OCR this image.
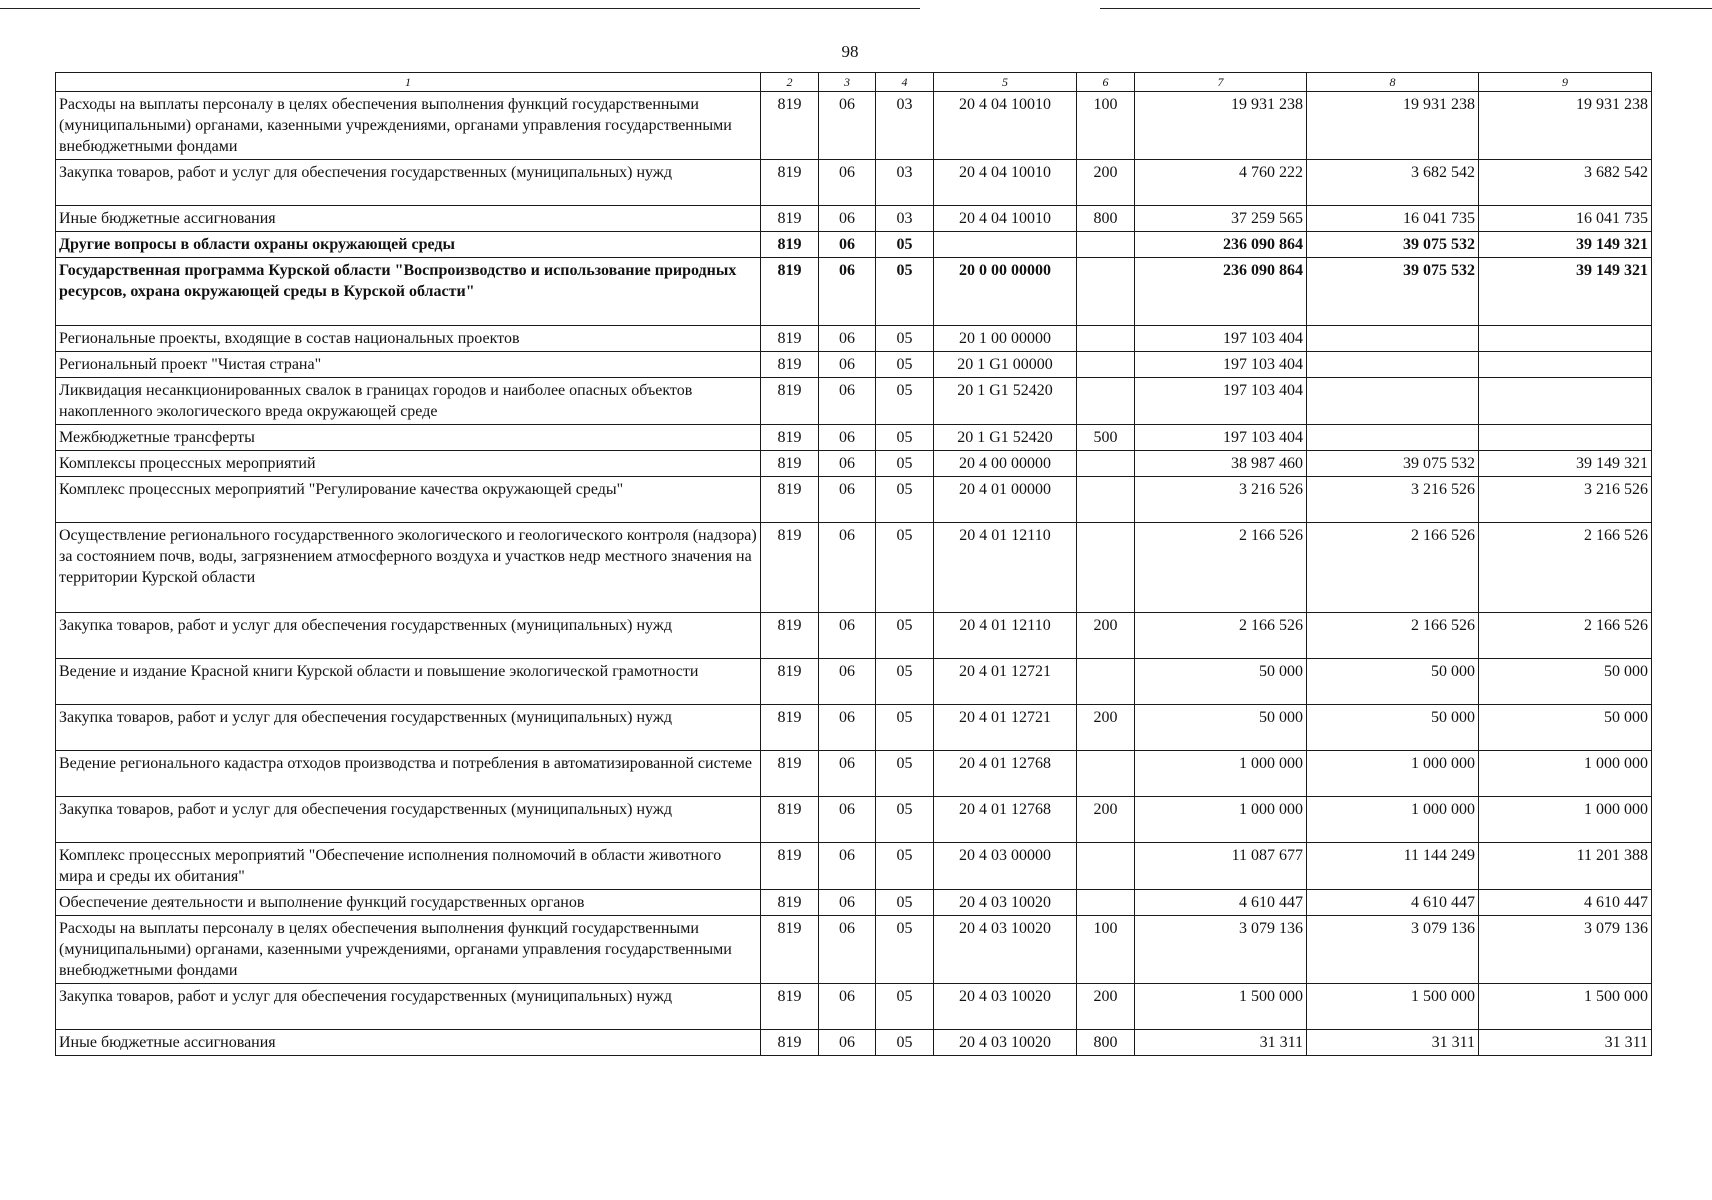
98
1	2	3	4	5	6	7	8	9
Расходы на выплаты персоналу в целях обеспечения выполнения функций государственными (муниципальными) органами, казенными учреждениями, органами управления государственными внебюджетными фондами	819	06	03	20 4 04 10010	100	19 931 238	19 931 238	19 931 238
Закупка товаров, работ и услуг для обеспечения государственных (муниципальных) нужд	819	06	03	20 4 04 10010	200	4 760 222	3 682 542	3 682 542
Иные бюджетные ассигнования	819	06	03	20 4 04 10010	800	37 259 565	16 041 735	16 041 735
Другие вопросы в области охраны окружающей среды	819	06	05			236 090 864	39 075 532	39 149 321
Государственная программа Курской области "Воспроизводство и использование природных ресурсов, охрана окружающей среды в Курской области"	819	06	05	20 0 00 00000		236 090 864	39 075 532	39 149 321
Региональные проекты, входящие в состав национальных проектов	819	06	05	20 1 00 00000		197 103 404		
Региональный проект "Чистая страна"	819	06	05	20 1 G1 00000		197 103 404		
Ликвидация несанкционированных свалок в границах городов и наиболее опасных объектов накопленного экологического вреда окружающей среде	819	06	05	20 1 G1 52420		197 103 404		
Межбюджетные трансферты	819	06	05	20 1 G1 52420	500	197 103 404		
Комплексы процессных мероприятий	819	06	05	20 4 00 00000		38 987 460	39 075 532	39 149 321
Комплекс процессных мероприятий "Регулирование качества окружающей среды"	819	06	05	20 4 01 00000		3 216 526	3 216 526	3 216 526
Осуществление регионального государственного экологического и геологического контроля (надзора) за состоянием почв, воды, загрязнением атмосферного воздуха и участков недр местного значения на территории Курской области	819	06	05	20 4 01 12110		2 166 526	2 166 526	2 166 526
Закупка товаров, работ и услуг для обеспечения государственных (муниципальных) нужд	819	06	05	20 4 01 12110	200	2 166 526	2 166 526	2 166 526
Ведение и издание Красной книги Курской области и повышение экологической грамотности	819	06	05	20 4 01 12721		50 000	50 000	50 000
Закупка товаров, работ и услуг для обеспечения государственных (муниципальных) нужд	819	06	05	20 4 01 12721	200	50 000	50 000	50 000
Ведение регионального кадастра отходов производства и потребления в автоматизированной системе	819	06	05	20 4 01 12768		1 000 000	1 000 000	1 000 000
Закупка товаров, работ и услуг для обеспечения государственных (муниципальных) нужд	819	06	05	20 4 01 12768	200	1 000 000	1 000 000	1 000 000
Комплекс процессных мероприятий "Обеспечение исполнения полномочий в области животного мира и среды их обитания"	819	06	05	20 4 03 00000		11 087 677	11 144 249	11 201 388
Обеспечение деятельности и выполнение функций государственных органов	819	06	05	20 4 03 10020		4 610 447	4 610 447	4 610 447
Расходы на выплаты персоналу в целях обеспечения выполнения функций государственными (муниципальными) органами, казенными учреждениями, органами управления государственными внебюджетными фондами	819	06	05	20 4 03 10020	100	3 079 136	3 079 136	3 079 136
Закупка товаров, работ и услуг для обеспечения государственных (муниципальных) нужд	819	06	05	20 4 03 10020	200	1 500 000	1 500 000	1 500 000
Иные бюджетные ассигнования	819	06	05	20 4 03 10020	800	31 311	31 311	31 311
